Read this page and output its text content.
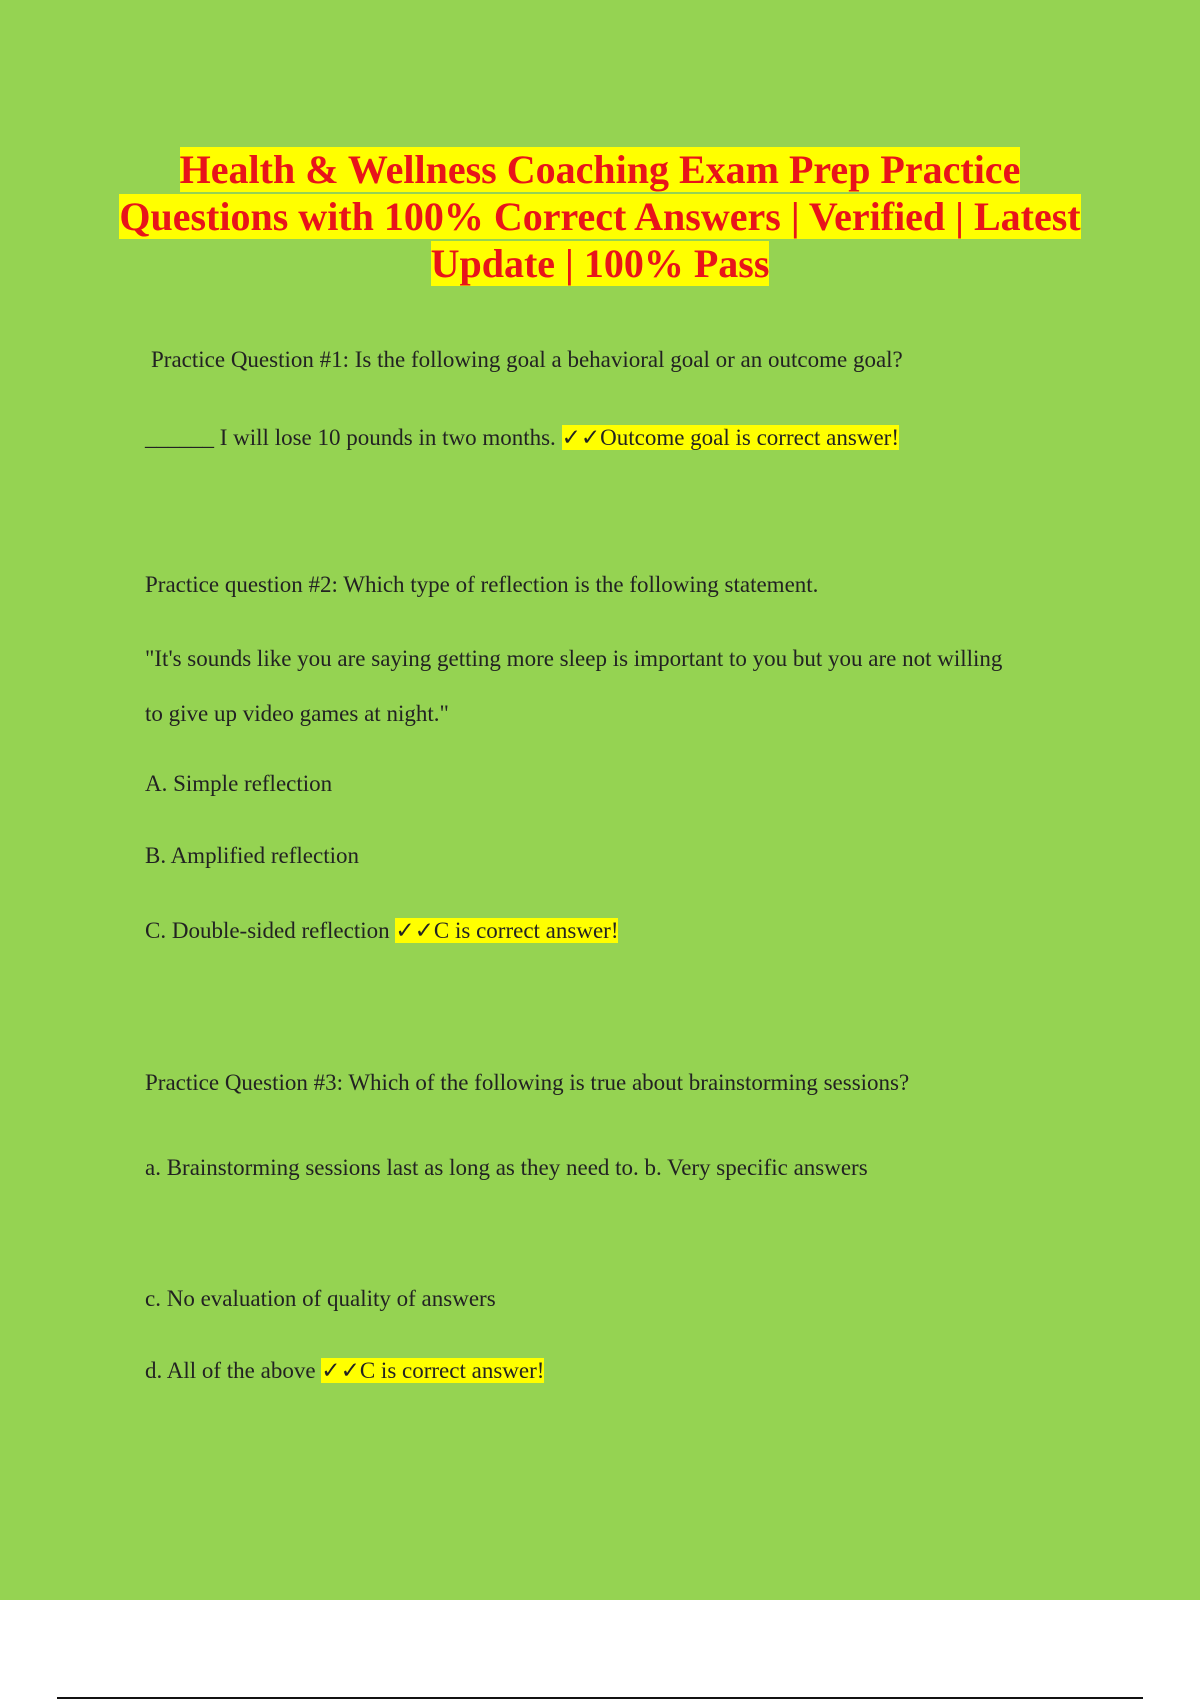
Health & Wellness Coaching Exam Prep Practice Questions with 100% Correct Answers | Verified | Latest Update | 100% Pass
Practice Question #1: Is the following goal a behavioral goal or an outcome goal?
______ I will lose 10 pounds in two months. ✓✓Outcome goal is correct answer!
Practice question #2: Which type of reflection is the following statement.
"It's sounds like you are saying getting more sleep is important to you but you are not willing
to give up video games at night."
A. Simple reflection
B. Amplified reflection
C. Double-sided reflection ✓✓C is correct answer!
Practice Question #3: Which of the following is true about brainstorming sessions?
a. Brainstorming sessions last as long as they need to. b. Very specific answers
c. No evaluation of quality of answers
d. All of the above ✓✓C is correct answer!
